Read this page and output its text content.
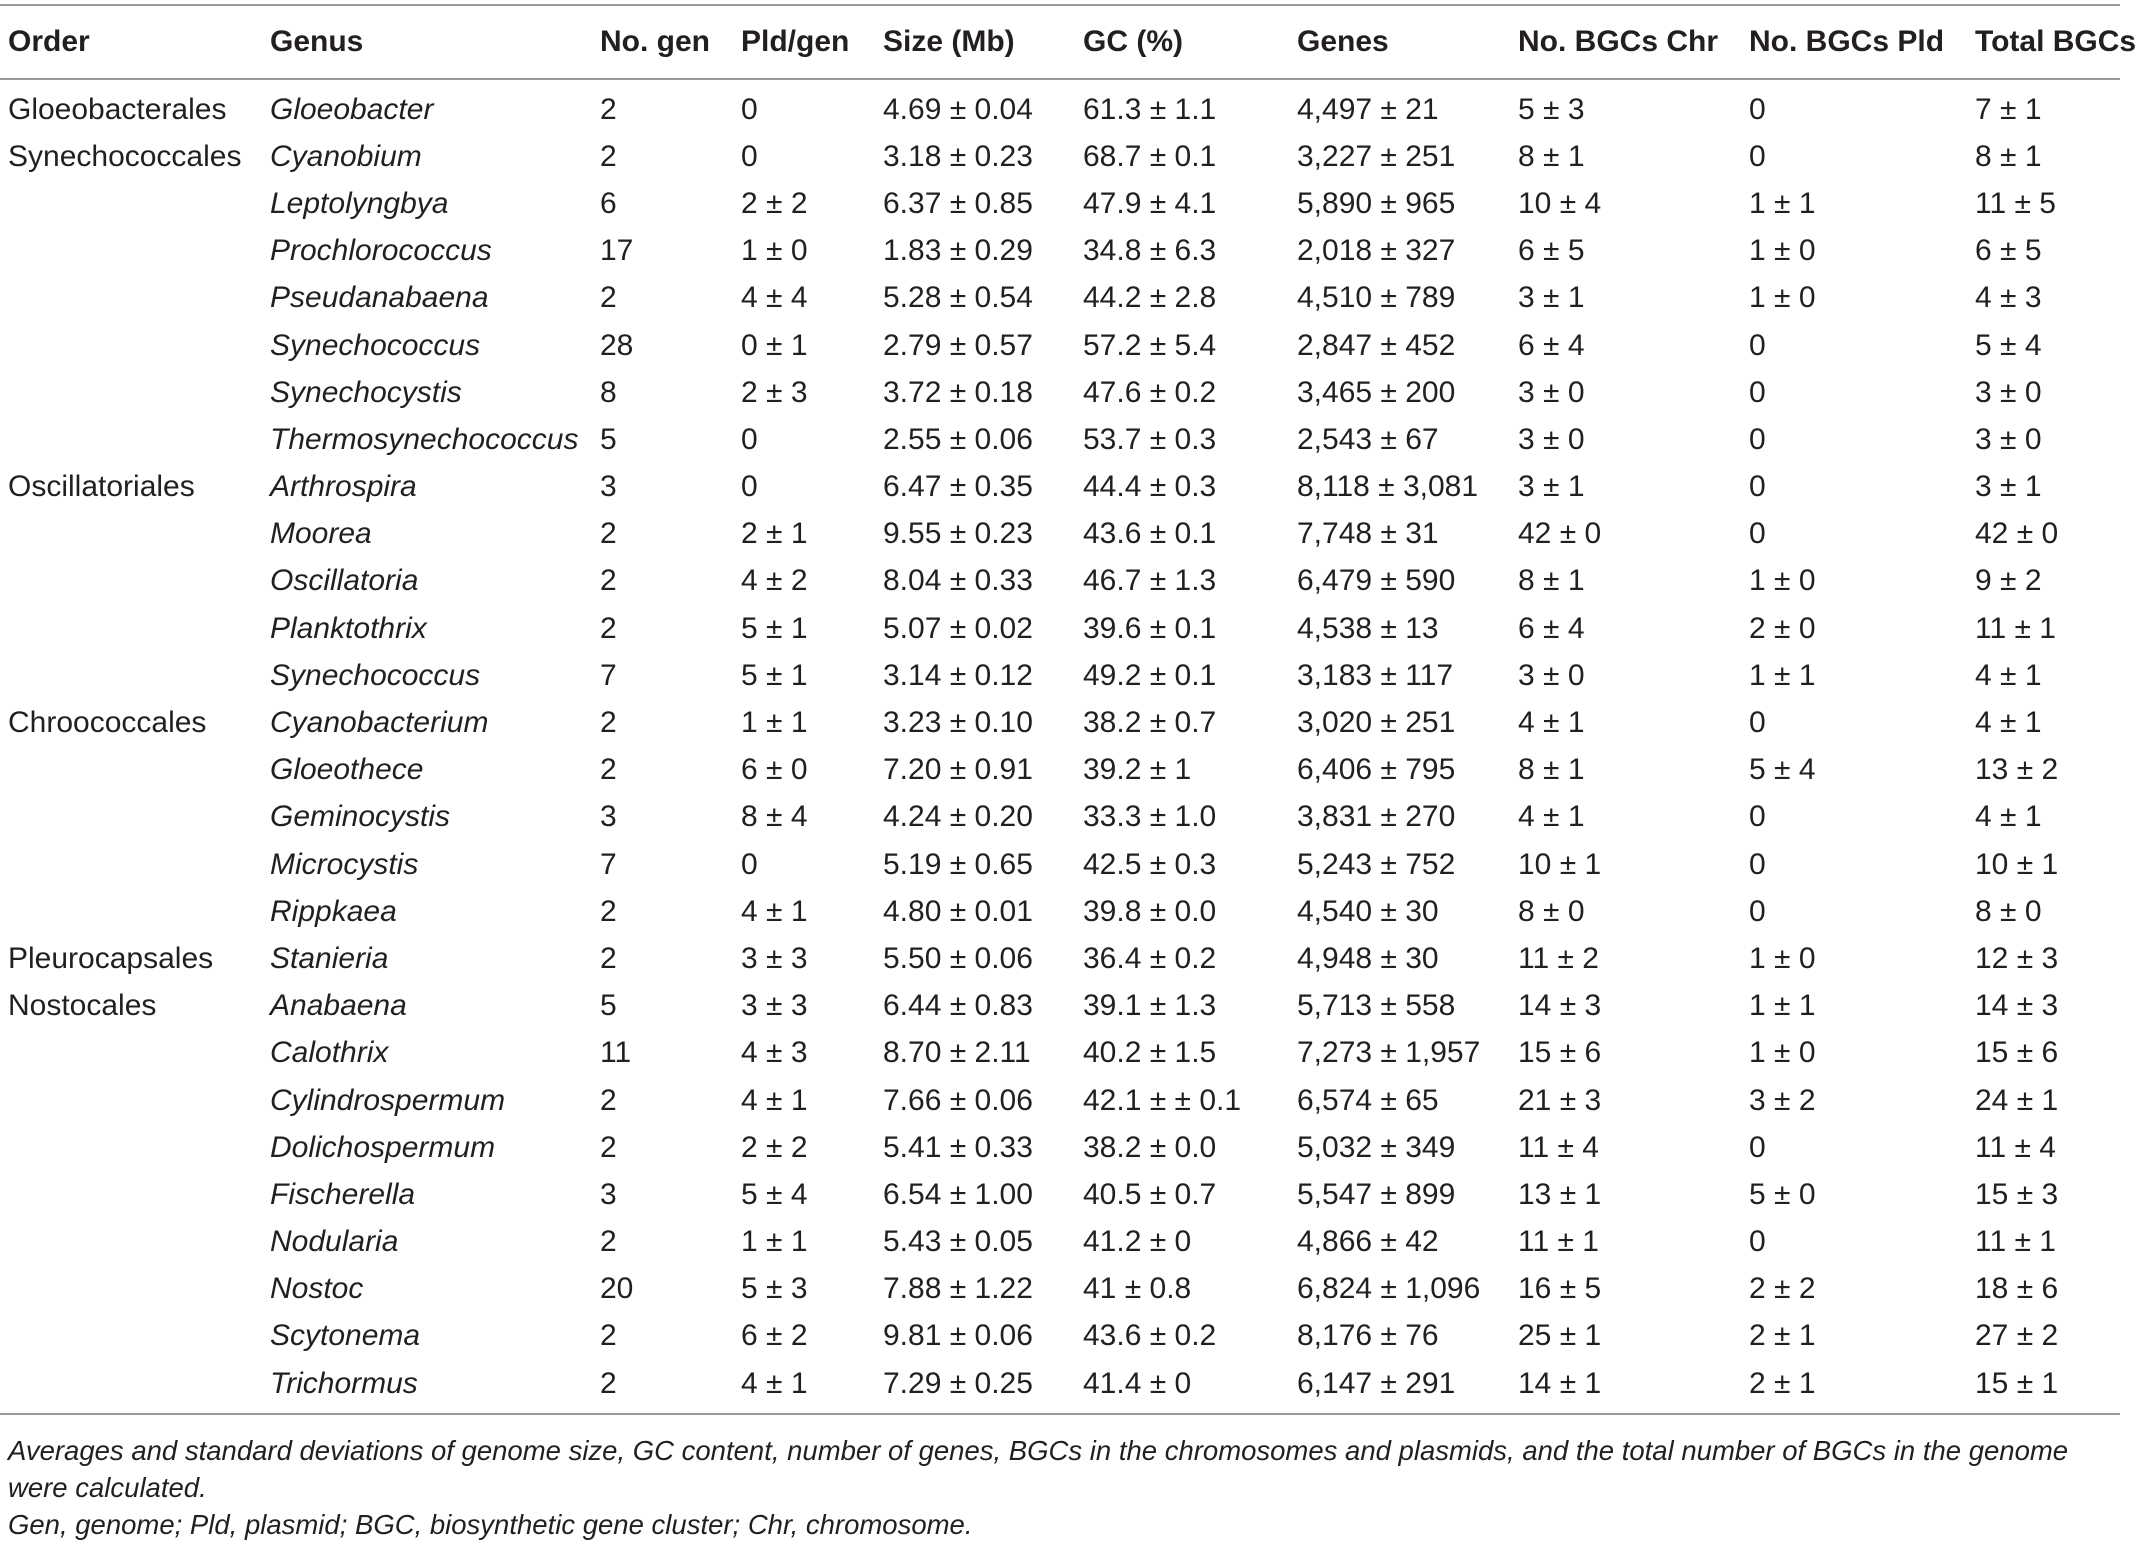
Order	Genus	No. gen	Pld/gen	Size (Mb)	GC (%)	Genes	No. BGCs Chr	No. BGCs Pld	Total BGCs
Gloeobacterales	Gloeobacter	2	0	4.69 ± 0.04	61.3 ± 1.1	4,497 ± 21	5 ± 3	0	7 ± 1
Synechococcales	Cyanobium	2	0	3.18 ± 0.23	68.7 ± 0.1	3,227 ± 251	8 ± 1	0	8 ± 1
	Leptolyngbya	6	2 ± 2	6.37 ± 0.85	47.9 ± 4.1	5,890 ± 965	10 ± 4	1 ± 1	11 ± 5
	Prochlorococcus	17	1 ± 0	1.83 ± 0.29	34.8 ± 6.3	2,018 ± 327	6 ± 5	1 ± 0	6 ± 5
	Pseudanabaena	2	4 ± 4	5.28 ± 0.54	44.2 ± 2.8	4,510 ± 789	3 ± 1	1 ± 0	4 ± 3
	Synechococcus	28	0 ± 1	2.79 ± 0.57	57.2 ± 5.4	2,847 ± 452	6 ± 4	0	5 ± 4
	Synechocystis	8	2 ± 3	3.72 ± 0.18	47.6 ± 0.2	3,465 ± 200	3 ± 0	0	3 ± 0
	Thermosynechococcus	5	0	2.55 ± 0.06	53.7 ± 0.3	2,543 ± 67	3 ± 0	0	3 ± 0
Oscillatoriales	Arthrospira	3	0	6.47 ± 0.35	44.4 ± 0.3	8,118 ± 3,081	3 ± 1	0	3 ± 1
	Moorea	2	2 ± 1	9.55 ± 0.23	43.6 ± 0.1	7,748 ± 31	42 ± 0	0	42 ± 0
	Oscillatoria	2	4 ± 2	8.04 ± 0.33	46.7 ± 1.3	6,479 ± 590	8 ± 1	1 ± 0	9 ± 2
	Planktothrix	2	5 ± 1	5.07 ± 0.02	39.6 ± 0.1	4,538 ± 13	6 ± 4	2 ± 0	11 ± 1
	Synechococcus	7	5 ± 1	3.14 ± 0.12	49.2 ± 0.1	3,183 ± 117	3 ± 0	1 ± 1	4 ± 1
Chroococcales	Cyanobacterium	2	1 ± 1	3.23 ± 0.10	38.2 ± 0.7	3,020 ± 251	4 ± 1	0	4 ± 1
	Gloeothece	2	6 ± 0	7.20 ± 0.91	39.2 ± 1	6,406 ± 795	8 ± 1	5 ± 4	13 ± 2
	Geminocystis	3	8 ± 4	4.24 ± 0.20	33.3 ± 1.0	3,831 ± 270	4 ± 1	0	4 ± 1
	Microcystis	7	0	5.19 ± 0.65	42.5 ± 0.3	5,243 ± 752	10 ± 1	0	10 ± 1
	Rippkaea	2	4 ± 1	4.80 ± 0.01	39.8 ± 0.0	4,540 ± 30	8 ± 0	0	8 ± 0
Pleurocapsales	Stanieria	2	3 ± 3	5.50 ± 0.06	36.4 ± 0.2	4,948 ± 30	11 ± 2	1 ± 0	12 ± 3
Nostocales	Anabaena	5	3 ± 3	6.44 ± 0.83	39.1 ± 1.3	5,713 ± 558	14 ± 3	1 ± 1	14 ± 3
	Calothrix	11	4 ± 3	8.70 ± 2.11	40.2 ± 1.5	7,273 ± 1,957	15 ± 6	1 ± 0	15 ± 6
	Cylindrospermum	2	4 ± 1	7.66 ± 0.06	42.1 ± ± 0.1	6,574 ± 65	21 ± 3	3 ± 2	24 ± 1
	Dolichospermum	2	2 ± 2	5.41 ± 0.33	38.2 ± 0.0	5,032 ± 349	11 ± 4	0	11 ± 4
	Fischerella	3	5 ± 4	6.54 ± 1.00	40.5 ± 0.7	5,547 ± 899	13 ± 1	5 ± 0	15 ± 3
	Nodularia	2	1 ± 1	5.43 ± 0.05	41.2 ± 0	4,866 ± 42	11 ± 1	0	11 ± 1
	Nostoc	20	5 ± 3	7.88 ± 1.22	41 ± 0.8	6,824 ± 1,096	16 ± 5	2 ± 2	18 ± 6
	Scytonema	2	6 ± 2	9.81 ± 0.06	43.6 ± 0.2	8,176 ± 76	25 ± 1	2 ± 1	27 ± 2
	Trichormus	2	4 ± 1	7.29 ± 0.25	41.4 ± 0	6,147 ± 291	14 ± 1	2 ± 1	15 ± 1

Averages and standard deviations of genome size, GC content, number of genes, BGCs in the chromosomes and plasmids, and the total number of BGCs in the genome were calculated.

Gen, genome; Pld, plasmid; BGC, biosynthetic gene cluster; Chr, chromosome.
